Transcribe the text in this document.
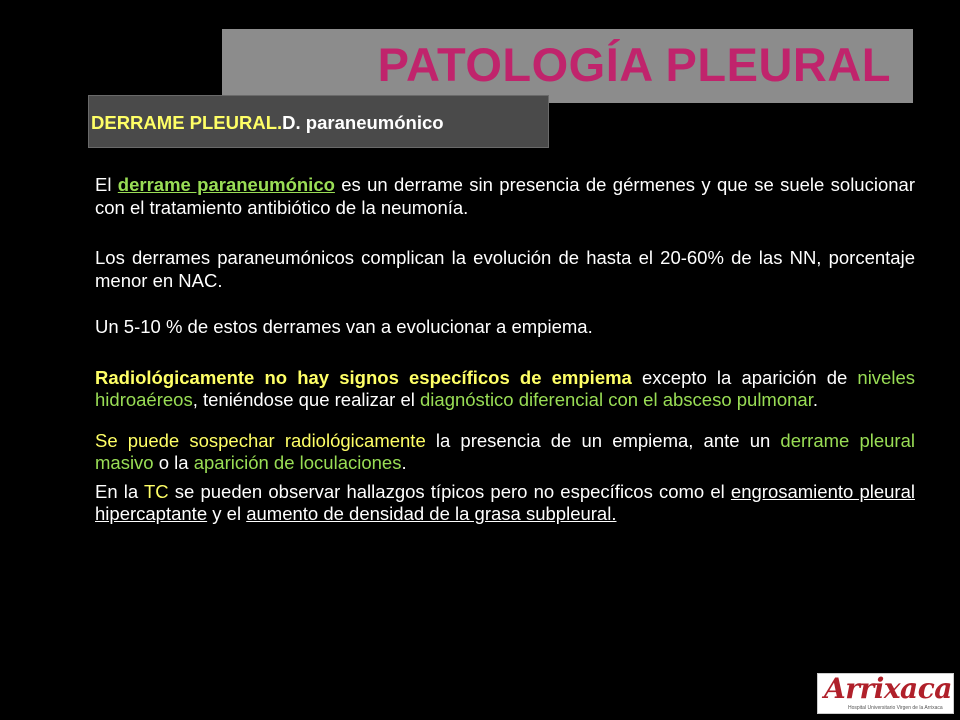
PATOLOGÍA PLEURAL
DERRAME PLEURAL.D. paraneumónico

El derrame paraneumónico es un derrame sin presencia de gérmenes y que se suele solucionar con el tratamiento antibiótico de la neumonía.

Los derrames paraneumónicos complican la evolución de hasta el 20-60% de las NN, porcentaje menor en NAC.

Un 5-10 % de estos derrames van a evolucionar a empiema.

Radiológicamente no hay signos específicos de empiema excepto la aparición de niveles hidroaéreos, teniéndose que realizar el diagnóstico diferencial con el absceso pulmonar.

Se puede sospechar radiológicamente la presencia de un empiema, ante un derrame pleural masivo o la aparición de loculaciones.

En la TC se pueden observar hallazgos típicos pero no específicos como el engrosamiento pleural hipercaptante y el aumento de densidad de la grasa subpleural.

Arrixaca
Hospital Universitario Virgen de la Arrixaca
